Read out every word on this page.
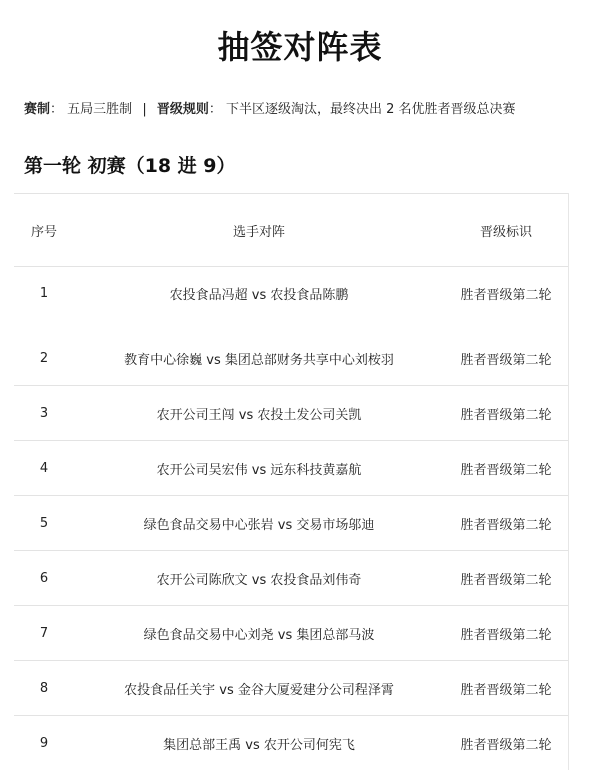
抽签对阵表
赛制： 五局三胜制 | 晋级规则： 下半区逐级淘汰，最终决出 2 名优胜者晋级总决赛
第一轮 初赛（18 进 9）
序号	选手对阵	晋级标识
1	农投食品冯超 vs 农投食品陈鹏	胜者晋级第二轮
2	教育中心徐巍 vs 集团总部财务共享中心刘桉羽	胜者晋级第二轮
3	农开公司王闯 vs 农投土发公司关凯	胜者晋级第二轮
4	农开公司吴宏伟 vs 远东科技黄嘉航	胜者晋级第二轮
5	绿色食品交易中心张岩 vs 交易市场邬迪	胜者晋级第二轮
6	农开公司陈欣文 vs 农投食品刘伟奇	胜者晋级第二轮
7	绿色食品交易中心刘尧 vs 集团总部马波	胜者晋级第二轮
8	农投食品任关宇 vs 金谷大厦爱建分公司程泽霄	胜者晋级第二轮
9	集团总部王禹 vs 农开公司何宪飞	胜者晋级第二轮
